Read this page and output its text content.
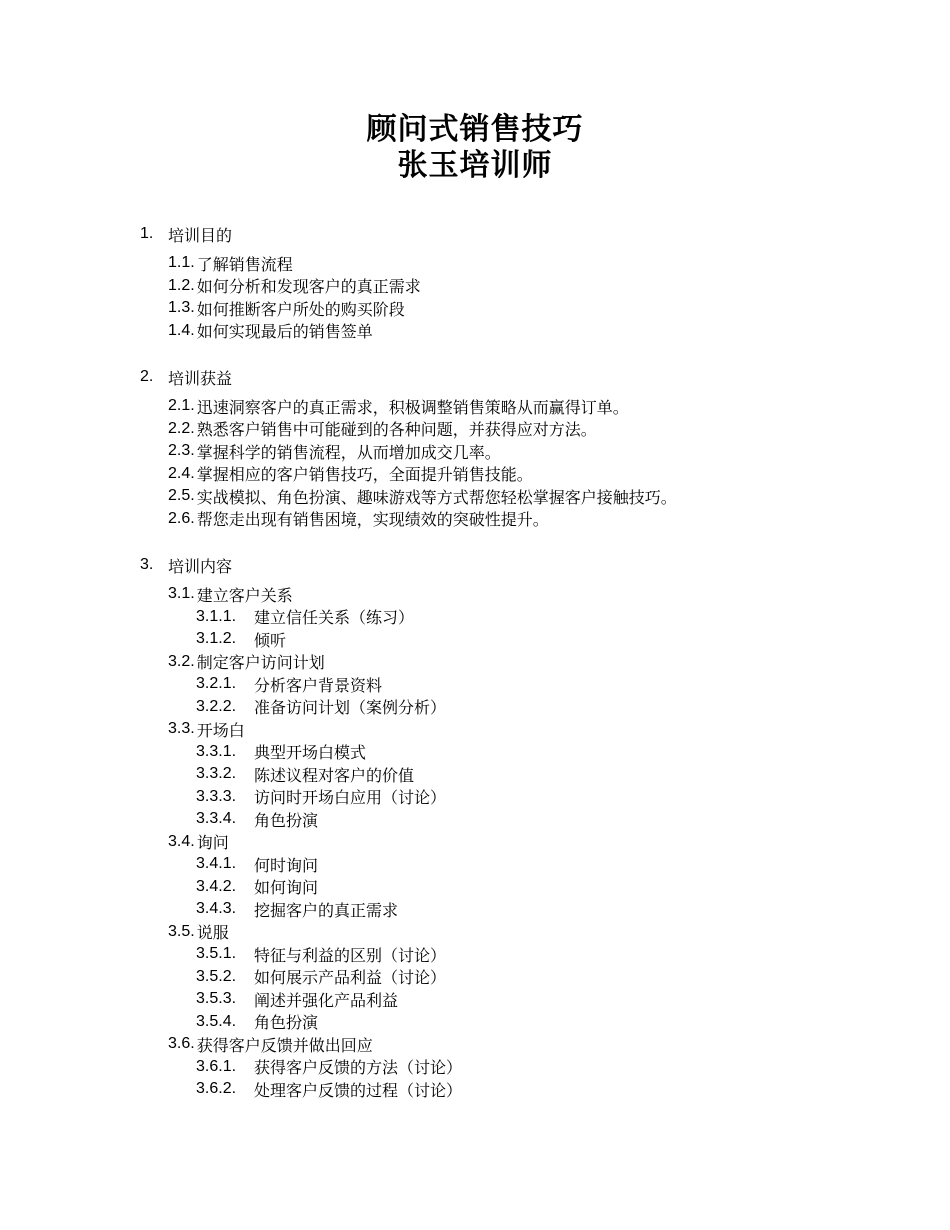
顾问式销售技巧
张玉培训师
1. 培训目的
1.1. 了解销售流程
1.2. 如何分析和发现客户的真正需求
1.3. 如何推断客户所处的购买阶段
1.4. 如何实现最后的销售签单
2. 培训获益
2.1. 迅速洞察客户的真正需求，积极调整销售策略从而赢得订单。
2.2. 熟悉客户销售中可能碰到的各种问题，并获得应对方法。
2.3. 掌握科学的销售流程，从而增加成交几率。
2.4. 掌握相应的客户销售技巧，全面提升销售技能。
2.5. 实战模拟、角色扮演、趣味游戏等方式帮您轻松掌握客户接触技巧。
2.6. 帮您走出现有销售困境，实现绩效的突破性提升。
3. 培训内容
3.1. 建立客户关系
3.1.1.	建立信任关系（练习）
3.1.2.	倾听
3.2. 制定客户访问计划
3.2.1.	分析客户背景资料
3.2.2.	准备访问计划（案例分析）
3.3. 开场白
3.3.1.	典型开场白模式
3.3.2.	陈述议程对客户的价值
3.3.3.	访问时开场白应用（讨论）
3.3.4.	角色扮演
3.4. 询问
3.4.1.	何时询问
3.4.2.	如何询问
3.4.3.	挖掘客户的真正需求
3.5. 说服
3.5.1.	特征与利益的区别（讨论）
3.5.2.	如何展示产品利益（讨论）
3.5.3.	阐述并强化产品利益
3.5.4.	角色扮演
3.6. 获得客户反馈并做出回应
3.6.1.	获得客户反馈的方法（讨论）
3.6.2.	处理客户反馈的过程（讨论）
